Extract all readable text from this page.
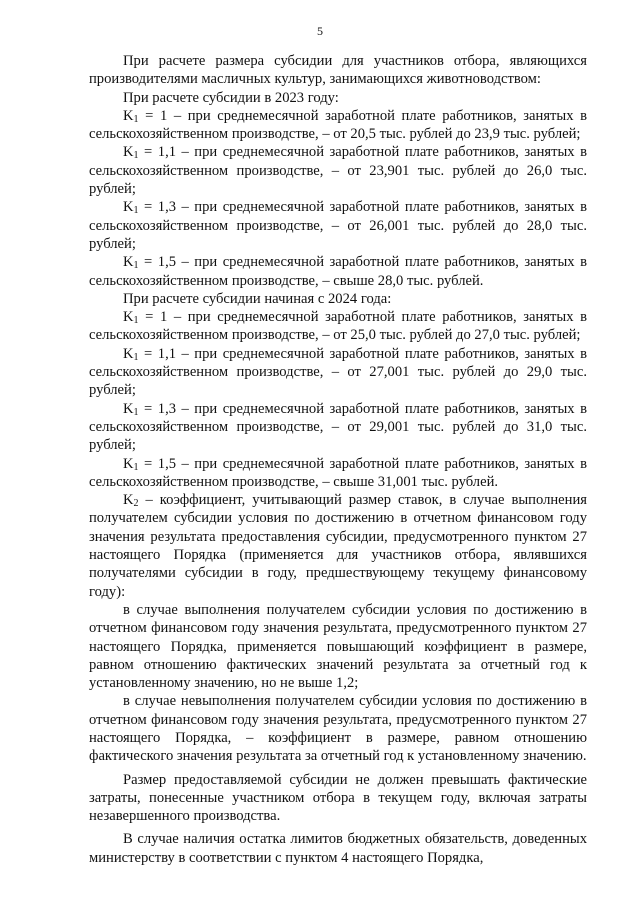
5

При расчете размера субсидии для участников отбора, являющихся производителями масличных культур, занимающихся животноводством:

При расчете субсидии в 2023 году:

$K_1 = 1$ – при среднемесячной заработной плате работников, занятых в сельскохозяйственном производстве, – от 20,5 тыс. рублей до 23,9 тыс. рублей;

$K_1 = 1,1$ – при среднемесячной заработной плате работников, занятых в сельскохозяйственном производстве, – от 23,901 тыс. рублей до 26,0 тыс. рублей;

$K_1 = 1,3$ – при среднемесячной заработной плате работников, занятых в сельскохозяйственном производстве, – от 26,001 тыс. рублей до 28,0 тыс. рублей;

$K_1 = 1,5$ – при среднемесячной заработной плате работников, занятых в сельскохозяйственном производстве, – свыше 28,0 тыс. рублей.

При расчете субсидии начиная с 2024 года:

$K_1 = 1$ – при среднемесячной заработной плате работников, занятых в сельскохозяйственном производстве, – от 25,0 тыс. рублей до 27,0 тыс. рублей;

$K_1 = 1,1$ – при среднемесячной заработной плате работников, занятых в сельскохозяйственном производстве, – от 27,001 тыс. рублей до 29,0 тыс. рублей;

$K_1 = 1,3$ – при среднемесячной заработной плате работников, занятых в сельскохозяйственном производстве, – от 29,001 тыс. рублей до 31,0 тыс. рублей;

$K_1 = 1,5$ – при среднемесячной заработной плате работников, занятых в сельскохозяйственном производстве, – свыше 31,001 тыс. рублей.

$K_2$ – коэффициент, учитывающий размер ставок, в случае выполнения получателем субсидии условия по достижению в отчетном финансовом году значения результата предоставления субсидии, предусмотренного пунктом 27 настоящего Порядка (применяется для участников отбора, являвшихся получателями субсидии в году, предшествующему текущему финансовому году):

в случае выполнения получателем субсидии условия по достижению в отчетном финансовом году значения результата, предусмотренного пунктом 27 настоящего Порядка, применяется повышающий коэффициент в размере, равном отношению фактических значений результата за отчетный год к установленному значению, но не выше 1,2;

в случае невыполнения получателем субсидии условия по достижению в отчетном финансовом году значения результата, предусмотренного пунктом 27 настоящего Порядка, – коэффициент в размере, равном отношению фактического значения результата за отчетный год к установленному значению.

Размер предоставляемой субсидии не должен превышать фактические затраты, понесенные участником отбора в текущем году, включая затраты незавершенного производства.

В случае наличия остатка лимитов бюджетных обязательств, доведенных министерству в соответствии с пунктом 4 настоящего Порядка,
